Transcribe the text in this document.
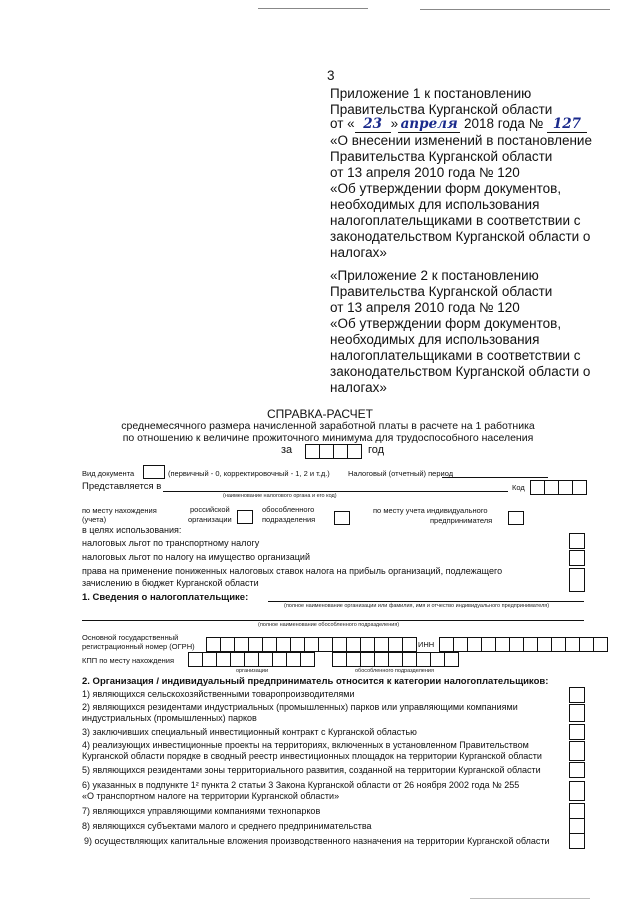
3
Приложение 1 к постановлению
Правительства Курганской области
от « 23 » апреля 2018 года № 127
«О внесении изменений в постановление
Правительства Курганской области
от 13 апреля 2010 года № 120
«Об утверждении форм документов,
необходимых для использования
налогоплательщиками в соответствии с
законодательством Курганской области о
налогах»
«Приложение 2 к постановлению
Правительства Курганской области
от 13 апреля 2010 года № 120
«Об утверждении форм документов,
необходимых для использования
налогоплательщиками в соответствии с
законодательством Курганской области о
налогах»
СПРАВКА-РАСЧЕТ
среднемесячного размера начисленной заработной платы в расчете на 1 работника
по отношению к величине прожиточного минимума для трудоспособного населения
за	год
Вид документа	(первичный - 0, корректировочный - 1, 2 и т.д.) Налоговый (отчетный) период
Представляется в
(наименование налогового органа и его код)
Код
по месту нахождения
(учета)
российской
организации
обособленного
подразделения
по месту учета индивидуального
предпринимателя
в целях использования:
налоговых льгот по транспортному налогу
налоговых льгот по налогу на имущество организаций
права на применение пониженных налоговых ставок налога на прибыль организаций, подлежащего
зачислению в бюджет Курганской области
1. Сведения о налогоплательщике:
(полное наименование организации или фамилия, имя и отчество индивидуального предпринимателя)
(полное наименование обособленного подразделения)
Основной государственный
регистрационный номер (ОГРН)	ИНН
КПП по месту нахождения
организации	обособленного подразделения
2. Организация / индивидуальный предприниматель относится к категории налогоплательщиков:
1) являющихся сельскохозяйственными товаропроизводителями
2) являющихся резидентами индустриальных (промышленных) парков или управляющими компаниями
индустриальных (промышленных) парков
3) заключивших специальный инвестиционный контракт с Курганской областью
4) реализующих инвестиционные проекты на территориях, включенных в установленном Правительством
Курганской области порядке в сводный реестр инвестиционных площадок на территории Курганской области
5) являющихся резидентами зоны территориального развития, созданной на территории Курганской области
6) указанных в подпункте 1² пункта 2 статьи 3 Закона Курганской области от 26 ноября 2002 года № 255
«О транспортном налоге на территории Курганской области»
7) являющихся управляющими компаниями технопарков
8) являющихся субъектами малого и среднего предпринимательства
9) осуществляющих капитальные вложения производственного назначения на территории Курганской области
